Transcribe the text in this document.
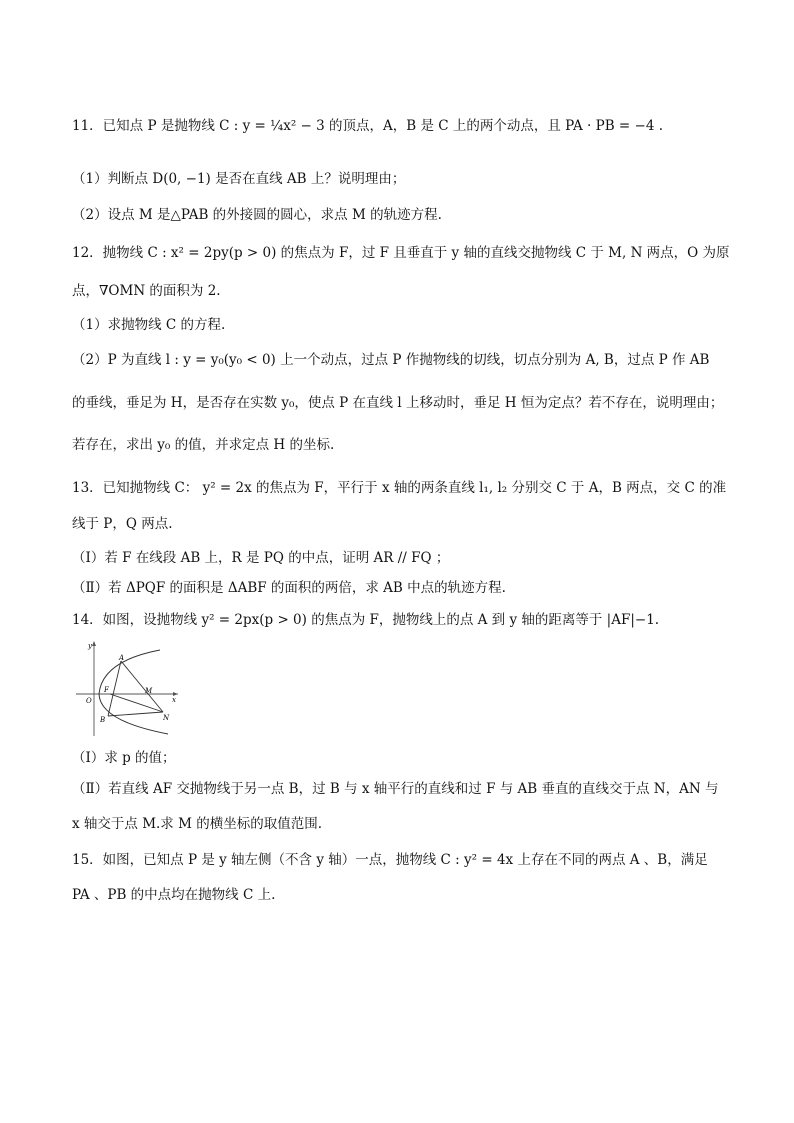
11．已知点 P 是抛物线 C : y = ¼x² − 3 的顶点，A，B 是 C 上的两个动点，且 PA · PB = −4 .
（1）判断点 D(0, −1) 是否在直线 AB 上？说明理由；
（2）设点 M 是△PAB 的外接圆的圆心，求点 M 的轨迹方程.
12．抛物线 C : x² = 2py(p > 0) 的焦点为 F，过 F 且垂直于 y 轴的直线交抛物线 C 于 M, N 两点，O 为原
点，∇OMN 的面积为 2.
（1）求抛物线 C 的方程.
（2）P 为直线 l : y = y₀(y₀ < 0) 上一个动点，过点 P 作抛物线的切线，切点分别为 A, B，过点 P 作 AB
的垂线，垂足为 H，是否存在实数 y₀，使点 P 在直线 l 上移动时，垂足 H 恒为定点？若不存在，说明理由；
若存在，求出 y₀ 的值，并求定点 H 的坐标.
13．已知抛物线 C： y² = 2x 的焦点为 F，平行于 x 轴的两条直线 l₁, l₂ 分别交 C 于 A，B 两点，交 C 的准
线于 P，Q 两点.
（Ⅰ）若 F 在线段 AB 上，R 是 PQ 的中点，证明 AR // FQ ；
（Ⅱ）若 ΔPQF 的面积是 ΔABF 的面积的两倍，求 AB 中点的轨迹方程.
14．如图，设抛物线 y² = 2px(p > 0) 的焦点为 F，抛物线上的点 A 到 y 轴的距离等于 |AF|−1.
y
x
O
F
A
B
M
N
（Ⅰ）求 p 的值；
（Ⅱ）若直线 AF 交抛物线于另一点 B，过 B 与 x 轴平行的直线和过 F 与 AB 垂直的直线交于点 N，AN 与
x 轴交于点 M.求 M 的横坐标的取值范围.
15．如图，已知点 P 是 y 轴左侧（不含 y 轴）一点，抛物线 C : y² = 4x 上存在不同的两点 A 、B，满足
PA 、PB 的中点均在抛物线 C 上.
